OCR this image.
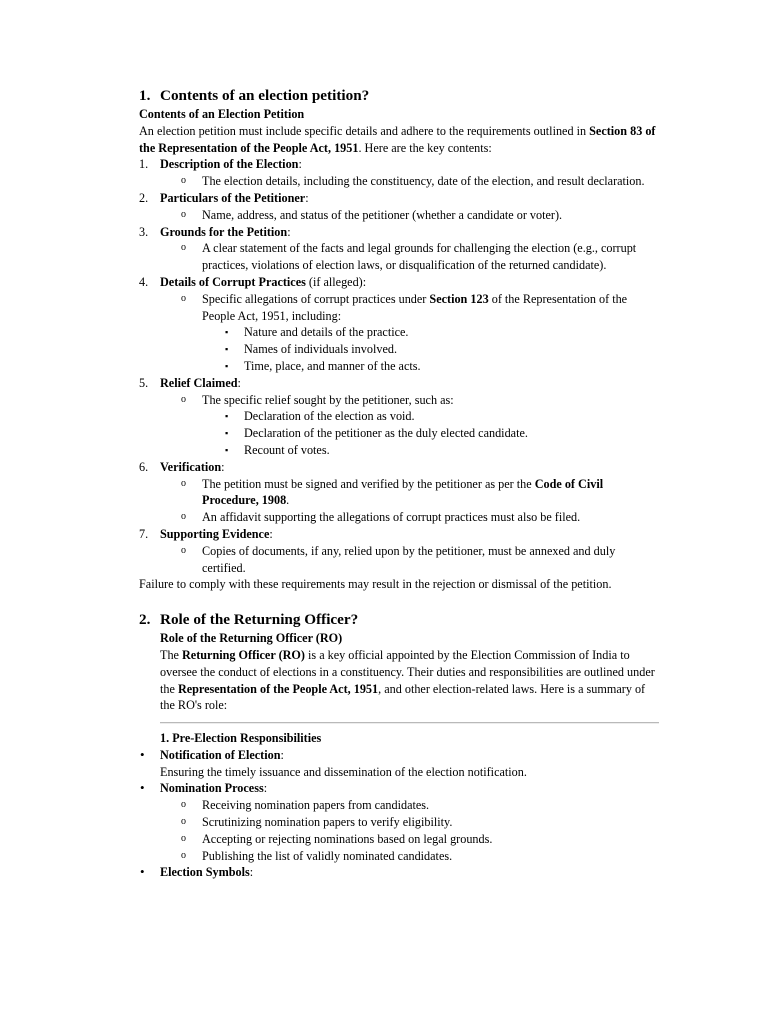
1. Contents of an election petition?

Contents of an Election Petition

An election petition must include specific details and adhere to the requirements outlined in Section 83 of the Representation of the People Act, 1951. Here are the key contents:

1. Description of the Election:
o The election details, including the constituency, date of the election, and result declaration.
2. Particulars of the Petitioner:
o Name, address, and status of the petitioner (whether a candidate or voter).
3. Grounds for the Petition:
o A clear statement of the facts and legal grounds for challenging the election (e.g., corrupt practices, violations of election laws, or disqualification of the returned candidate).
4. Details of Corrupt Practices (if alleged):
o Specific allegations of corrupt practices under Section 123 of the Representation of the People Act, 1951, including:
▪ Nature and details of the practice.
▪ Names of individuals involved.
▪ Time, place, and manner of the acts.
5. Relief Claimed:
o The specific relief sought by the petitioner, such as:
▪ Declaration of the election as void.
▪ Declaration of the petitioner as the duly elected candidate.
▪ Recount of votes.
6. Verification:
o The petition must be signed and verified by the petitioner as per the Code of Civil Procedure, 1908.
o An affidavit supporting the allegations of corrupt practices must also be filed.
7. Supporting Evidence:
o Copies of documents, if any, relied upon by the petitioner, must be annexed and duly certified.

Failure to comply with these requirements may result in the rejection or dismissal of the petition.

2. Role of the Returning Officer?

Role of the Returning Officer (RO)

The Returning Officer (RO) is a key official appointed by the Election Commission of India to oversee the conduct of elections in a constituency. Their duties and responsibilities are outlined under the Representation of the People Act, 1951, and other election-related laws. Here is a summary of the RO's role:

1. Pre-Election Responsibilities

• Notification of Election:
Ensuring the timely issuance and dissemination of the election notification.
• Nomination Process:
o Receiving nomination papers from candidates.
o Scrutinizing nomination papers to verify eligibility.
o Accepting or rejecting nominations based on legal grounds.
o Publishing the list of validly nominated candidates.
• Election Symbols:
